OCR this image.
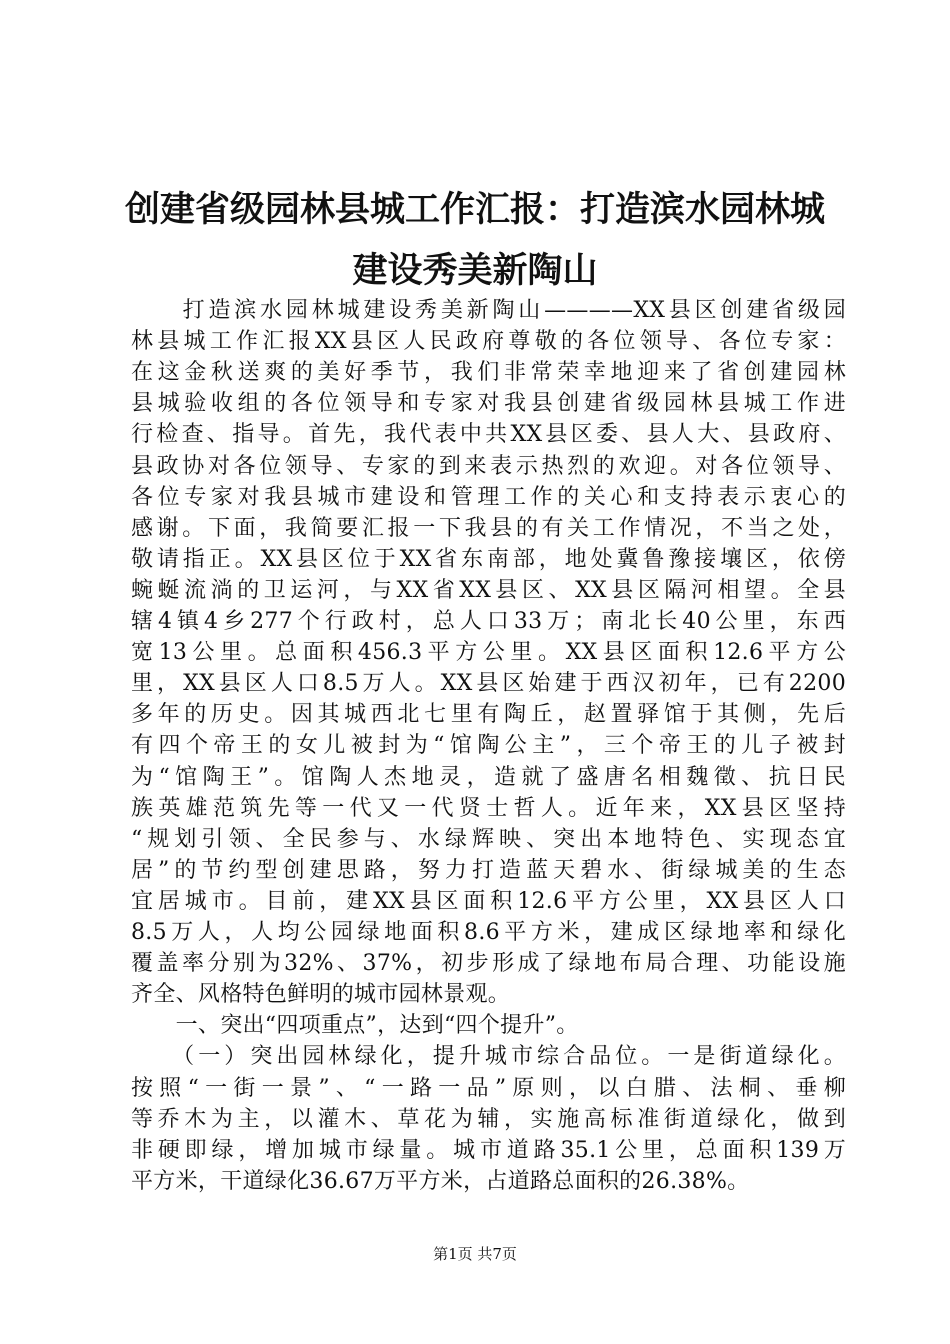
创建省级园林县城工作汇报：打造滨水园林城
建设秀美新陶山
　　打造滨水园林城建设秀美新陶山————XX县区创建省级园
林县城工作汇报XX县区人民政府尊敬的各位领导、各位专家：
在这金秋送爽的美好季节，我们非常荣幸地迎来了省创建园林
县城验收组的各位领导和专家对我县创建省级园林县城工作进
行检查、指导。首先，我代表中共XX县区委、县人大、县政府、
县政协对各位领导、专家的到来表示热烈的欢迎。对各位领导、
各位专家对我县城市建设和管理工作的关心和支持表示衷心的
感谢。下面，我简要汇报一下我县的有关工作情况，不当之处，
敬请指正。XX县区位于XX省东南部，地处冀鲁豫接壤区，依傍
蜿蜒流淌的卫运河，与XX省XX县区、XX县区隔河相望。全县
辖4镇4乡277个行政村，总人口33万；南北长40公里，东西
宽13公里。总面积456.3平方公里。XX县区面积12.6平方公
里，XX县区人口8.5万人。XX县区始建于西汉初年，已有2200
多年的历史。因其城西北七里有陶丘，赵置驿馆于其侧，先后
有四个帝王的女儿被封为“馆陶公主”，三个帝王的儿子被封
为“馆陶王”。馆陶人杰地灵，造就了盛唐名相魏徵、抗日民
族英雄范筑先等一代又一代贤士哲人。近年来，XX县区坚持
“规划引领、全民参与、水绿辉映、突出本地特色、实现态宜
居”的节约型创建思路，努力打造蓝天碧水、街绿城美的生态
宜居城市。目前，建XX县区面积12.6平方公里，XX县区人口
8.5万人，人均公园绿地面积8.6平方米，建成区绿地率和绿化
覆盖率分别为32%、37%，初步形成了绿地布局合理、功能设施
齐全、风格特色鲜明的城市园林景观。
　　一、突出“四项重点”，达到“四个提升”。
　　（一）突出园林绿化，提升城市综合品位。一是街道绿化。
按照“一街一景”、“一路一品”原则，以白腊、法桐、垂柳
等乔木为主，以灌木、草花为辅，实施高标准街道绿化，做到
非硬即绿，增加城市绿量。城市道路35.1公里，总面积139万
平方米，干道绿化36.67万平方米，占道路总面积的26.38%。
第1页 共7页
